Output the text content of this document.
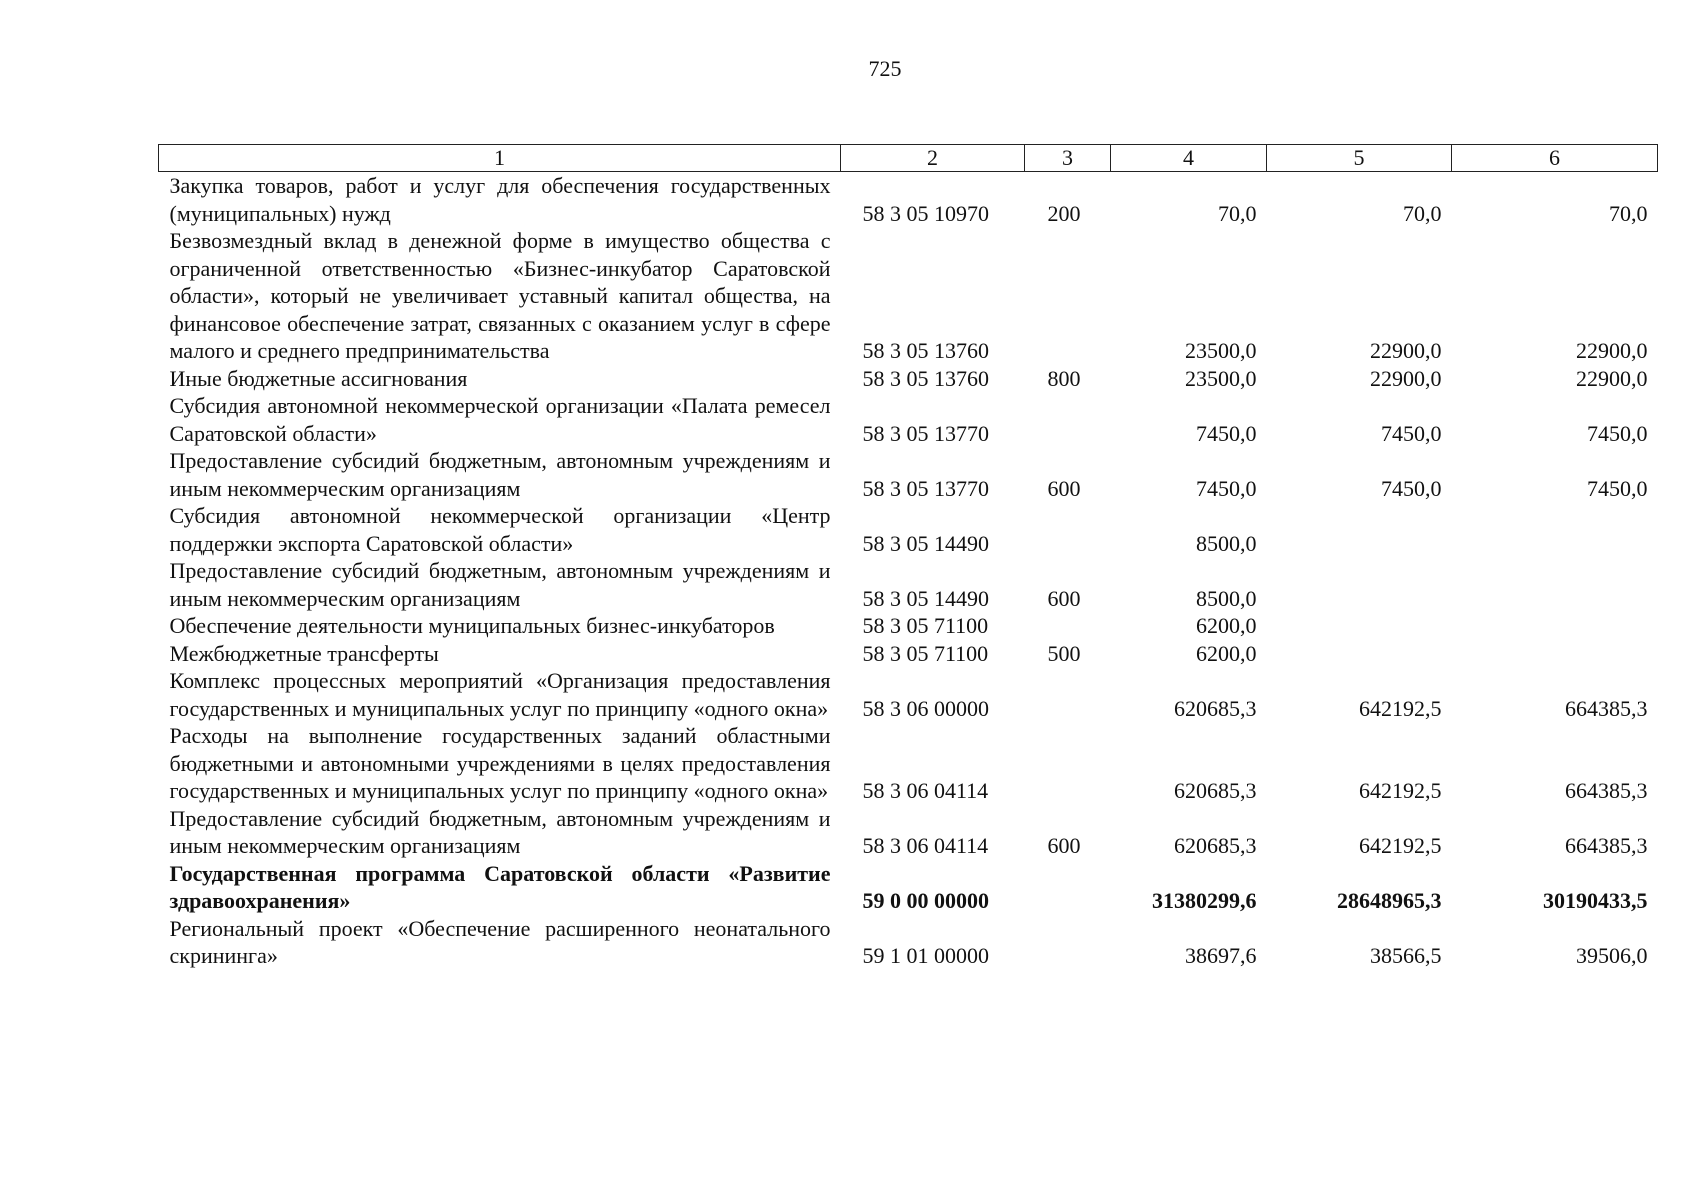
725
1	2	3	4	5	6
Закупка товаров, работ и услуг для обеспечения государственных (муниципальных) нужд	58 3 05 10970	200	70,0	70,0	70,0
Безвозмездный вклад в денежной форме в имущество общества с ограниченной ответственностью «Бизнес-инкубатор Саратовской области», который не увеличивает уставный капитал общества, на финансовое обеспечение затрат, связанных с оказанием услуг в сфере малого и среднего предпринимательства	58 3 05 13760		23500,0	22900,0	22900,0
Иные бюджетные ассигнования	58 3 05 13760	800	23500,0	22900,0	22900,0
Субсидия автономной некоммерческой организации «Палата ремесел Саратовской области»	58 3 05 13770		7450,0	7450,0	7450,0
Предоставление субсидий бюджетным, автономным учреждениям и иным некоммерческим организациям	58 3 05 13770	600	7450,0	7450,0	7450,0
Субсидия автономной некоммерческой организации «Центр поддержки экспорта Саратовской области»	58 3 05 14490		8500,0		
Предоставление субсидий бюджетным, автономным учреждениям и иным некоммерческим организациям	58 3 05 14490	600	8500,0		
Обеспечение деятельности муниципальных бизнес-инкубаторов	58 3 05 71100		6200,0		
Межбюджетные трансферты	58 3 05 71100	500	6200,0		
Комплекс процессных мероприятий «Организация предоставления государственных и муниципальных услуг по принципу «одного окна»	58 3 06 00000		620685,3	642192,5	664385,3
Расходы на выполнение государственных заданий областными бюджетными и автономными учреждениями в целях предоставления государственных и муниципальных услуг по принципу «одного окна»	58 3 06 04114		620685,3	642192,5	664385,3
Предоставление субсидий бюджетным, автономным учреждениям и иным некоммерческим организациям	58 3 06 04114	600	620685,3	642192,5	664385,3
Государственная программа Саратовской области «Развитие здравоохранения»	59 0 00 00000		31380299,6	28648965,3	30190433,5
Региональный проект «Обеспечение расширенного неонатального скрининга»	59 1 01 00000		38697,6	38566,5	39506,0
